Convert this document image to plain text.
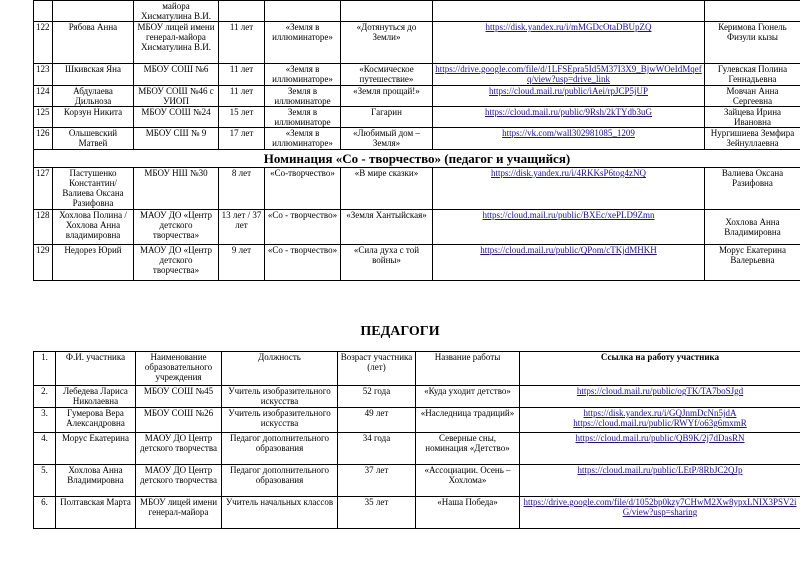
		майора Хисматулина В.И.					
122	Рябова Анна	МБОУ лицей имени генерал-майора Хисматулина В.И.	11 лет	«Земля в иллюминаторе»	«Дотянуться до Земли»	https://disk.yandex.ru/i/mMGDcOtaDBUpZQ	Керимова Гюнель Физули кызы
123	Шкивская Яна	МБОУ СОШ №6	11 лет	«Земля в иллюминаторе»	«Космическое путешествие»	https://drive.google.com/file/d/1LFSEpra5Id5M37I3X9_BjwWOeIdMqefq/view?usp=drive_link	Гулевская Полина Геннадьевна
124	Абдулаева Дильноза	МБОУ СОШ №46 с УИОП	11 лет	Земля в иллюминаторе	«Земля прощай!»	https://cloud.mail.ru/public/iAei/rpJCP5jUP	Мовчан Анна Сергеевна
125	Корзун Никита	МБОУ СОШ №24	15 лет	Земля в иллюминаторе	Гагарин	https://cloud.mail.ru/public/9Rsh/2kTYdb3uG	Зайцева Ирина Ивановна
126	Ольшевский Матвей	МБОУ СШ № 9	17 лет	«Земля в иллюминаторе»	«Любимый дом – Земля»	https://vk.com/wall302981085_1209	Нургишиева Земфира Зейнуллаевна
Номинация «Со - творчество» (педагог и учащийся)							
127	Пастушенко Константин/ Валиева Оксана Разифовна	МБОУ НШ №30	8 лет	«Со-творчество»	«В мире сказки»	https://disk.yandex.ru/i/4RKKsP6tog4zNQ	Валиева Оксана Разифовна
128	Хохлова Полина / Хохлова Анна владимировна	МАОУ ДО «Центр детского творчества»	13 лет / 37 лет	«Со - творчество»	«Земля Хантыйская»	https://cloud.mail.ru/public/BXEc/xePLD9Zmn	Хохлова Анна Владимировна
129	Недорез Юрий	МАОУ ДО «Центр детского творчества»	9 лет	«Со - творчество»	«Сила духа с той войны»	https://cloud.mail.ru/public/QPom/cTKjdMHKH	Морус Екатерина Валерьевна
ПЕДАГОГИ
1.	Ф.И. участника	Наименование образовательного учреждения	Должность	Возраст участника (лет)	Название работы	Ссылка на работу участника
2.	Лебедева Лариса Николаевна	МБОУ СОШ №45	Учитель изобразительного искусства	52 года	«Куда уходит детство»	https://cloud.mail.ru/public/ogTK/TA7boSJgd
3.	Гумерова Вера Александровна	МБОУ СОШ №26	Учитель изобразительного искусства	49 лет	«Наследница традиций»	https://disk.yandex.ru/i/GQJnmDcNn5jdA
https://cloud.mail.ru/public/RWYf/o63g6mxmR
4.	Морус Екатерина	МАОУ ДО Центр детского творчества	Педагог дополнительного образования	34 года	Северные сны, номинация «Детство»	https://cloud.mail.ru/public/QB9K/2j7dDasRN
5.	Хохлова Анна Владимировна	МАОУ ДО Центр детского творчества	Педагог дополнительного образования	37 лет	«Ассоциации. Осень – Хохлома»	https://cloud.mail.ru/public/LEtP/8RbJC2QJp
6.	Полтавская Марта	МБОУ лицей имени генерал-майора	Учитель начальных классов	35 лет	«Наша Победа»	https://drive.google.com/file/d/1052bp0kzy7CHwM2Xw8ypxLNIX3PSV2iG/view?usp=sharing
